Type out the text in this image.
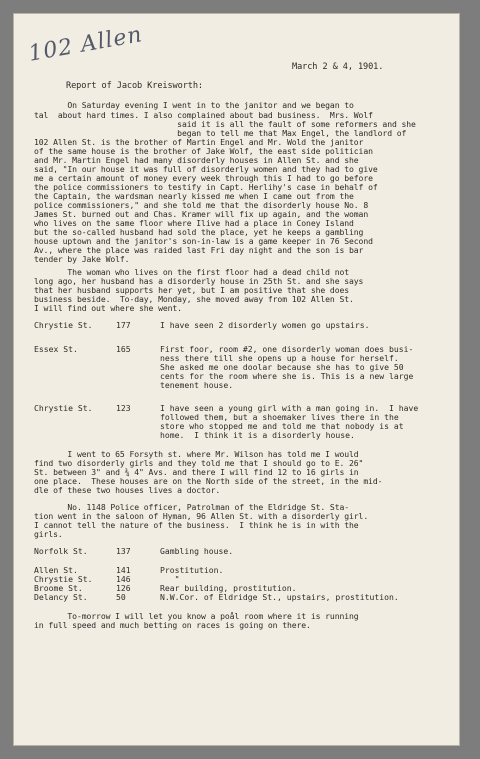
102 Allen
March 2 & 4, 1901.
Report of Jacob Kreisworth:
On Saturday evening I went in to the janitor and we began to
tal  about hard times. I also complained about bad business.  Mrs. Wolf
said it is all the fault of some reformers and she
began to tell me that Max Engel, the landlord of
102 Allen St. is the brother of Martin Engel and Mr. Wold the janitor
of the same house is the brother of Jake Wolf, the east side politician
and Mr. Martin Engel had many disorderly houses in Allen St. and she
said, "In our house it was full of disorderly women and they had to give
me a certain amount of money every week through this I had to go before
the police commissioners to testify in Capt. Herlihy's case in behalf of
the Captain, the wardsman nearly kissed me when I came out from the
police commissioners," and she told me that the disorderly house No. 8
James St. burned out and Chas. Kramer will fix up again, and the woman
who lives on the same floor where Ilive had a place in Coney Island
but the so-called husband had sold the place, yet he keeps a gambling
house uptown and the janitor's son-in-law is a game keeper in 76 Second
Av., where the place was raided last Fri day night and the son is bar
tender by Jake Wolf.
The woman who lives on the first floor had a dead child not
long ago, her husband has a disorderly house in 25th St. and she says
that her husband supports her yet, but I am positive that she does
business beside.  To-day, Monday, she moved away from 102 Allen St.
I will find out where she went.
Chrystie St.	177	I have seen 2 disorderly women go upstairs.
Essex St.	165	First foor, room #2, one disorderly woman does busi-
ness there till she opens up a house for herself.
She asked me one doolar because she has to give 50
cents for the room where she is. This is a new large
tenement house.
Chrystie St.	123	I have seen a young girl with a man going in.  I have
followed them, but a shoemaker lives there in the
store who stopped me and told me that nobody is at
home.  I think it is a disorderly house.
I went to 65 Forsyth st. where Mr. Wilson has told me I would
find two disorderly girls and they told me that I should go to E. 26"
St. between 3" and ¾ 4" Avs. and there I will find 12 to 16 girls in
one place.  These houses are on the North side of the street, in the mid-
dle of these two houses lives a doctor.
No. 1148 Police officer, Patrolman of the Eldridge St. Sta-
tion went in the saloon of Hyman, 96 Allen St. with a disorderly girl.
I cannot tell the nature of the business.  I think he is in with the
girls.
Norfolk St.	137	Gambling house.
Allen St.	141	Prostitution.
Chrystie St.	146	"
Broome St.	126	Rear building, prostitution.
Delancy St.	50	N.W.Cor. of Eldridge St., upstairs, prostitution.
To-morrow I will let you know a poål room where it is running
in full speed and much betting on races is going on there.
